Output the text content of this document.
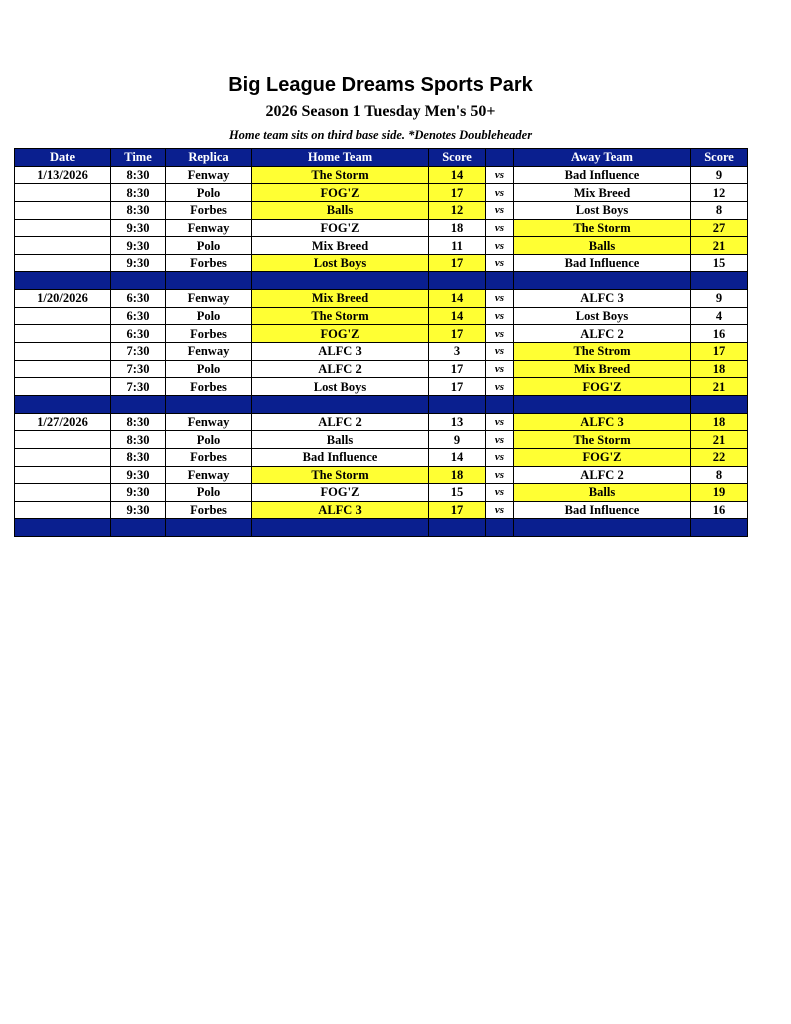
Big League Dreams Sports Park
2026 Season 1 Tuesday Men's 50+

Home team sits on third base side. *Denotes Doubleheader

Date	Time	Replica	Home Team	Score		Away Team	Score
1/13/2026	8:30	Fenway	The Storm	14	vs	Bad Influence	9
	8:30	Polo	FOG'Z	17	vs	Mix Breed	12
	8:30	Forbes	Balls	12	vs	Lost Boys	8
	9:30	Fenway	FOG'Z	18	vs	The Storm	27
	9:30	Polo	Mix Breed	11	vs	Balls	21
	9:30	Forbes	Lost Boys	17	vs	Bad Influence	15

1/20/2026	6:30	Fenway	Mix Breed	14	vs	ALFC 3	9
	6:30	Polo	The Storm	14	vs	Lost Boys	4
	6:30	Forbes	FOG'Z	17	vs	ALFC 2	16
	7:30	Fenway	ALFC 3	3	vs	The Strom	17
	7:30	Polo	ALFC 2	17	vs	Mix Breed	18
	7:30	Forbes	Lost Boys	17	vs	FOG'Z	21

1/27/2026	8:30	Fenway	ALFC 2	13	vs	ALFC 3	18
	8:30	Polo	Balls	9	vs	The Storm	21
	8:30	Forbes	Bad Influence	14	vs	FOG'Z	22
	9:30	Fenway	The Storm	18	vs	ALFC 2	8
	9:30	Polo	FOG'Z	15	vs	Balls	19
	9:30	Forbes	ALFC 3	17	vs	Bad Influence	16
